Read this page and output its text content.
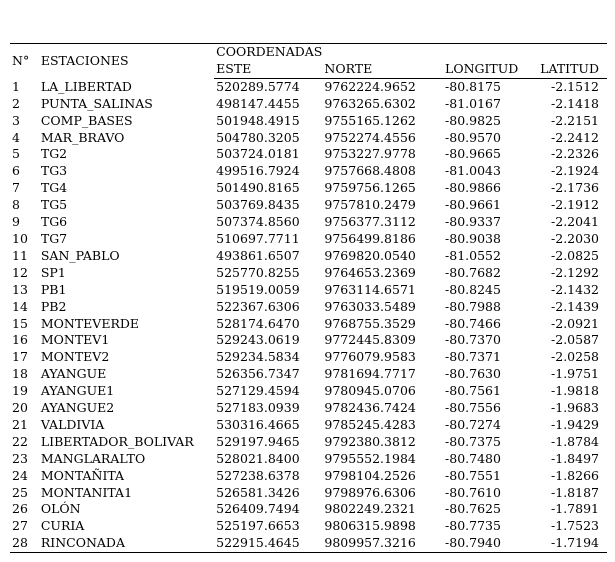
N°	ESTACIONES	COORDENADAS			
		ESTE	NORTE	LONGITUD	LATITUD
1	LA_LIBERTAD	520289.5774	9762224.9652	-80.8175	-2.1512
2	PUNTA_SALINAS	498147.4455	9763265.6302	-81.0167	-2.1418
3	COMP_BASES	501948.4915	9755165.1262	-80.9825	-2.2151
4	MAR_BRAVO	504780.3205	9752274.4556	-80.9570	-2.2412
5	TG2	503724.0181	9753227.9778	-80.9665	-2.2326
6	TG3	499516.7924	9757668.4808	-81.0043	-2.1924
7	TG4	501490.8165	9759756.1265	-80.9866	-2.1736
8	TG5	503769.8435	9757810.2479	-80.9661	-2.1912
9	TG6	507374.8560	9756377.3112	-80.9337	-2.2041
10	TG7	510697.7711	9756499.8186	-80.9038	-2.2030
11	SAN_PABLO	493861.6507	9769820.0540	-81.0552	-2.0825
12	SP1	525770.8255	9764653.2369	-80.7682	-2.1292
13	PB1	519519.0059	9763114.6571	-80.8245	-2.1432
14	PB2	522367.6306	9763033.5489	-80.7988	-2.1439
15	MONTEVERDE	528174.6470	9768755.3529	-80.7466	-2.0921
16	MONTEV1	529243.0619	9772445.8309	-80.7370	-2.0587
17	MONTEV2	529234.5834	9776079.9583	-80.7371	-2.0258
18	AYANGUE	526356.7347	9781694.7717	-80.7630	-1.9751
19	AYANGUE1	527129.4594	9780945.0706	-80.7561	-1.9818
20	AYANGUE2	527183.0939	9782436.7424	-80.7556	-1.9683
21	VALDIVIA	530316.4665	9785245.4283	-80.7274	-1.9429
22	LIBERTADOR_BOLIVAR	529197.9465	9792380.3812	-80.7375	-1.8784
23	MANGLARALTO	528021.8400	9795552.1984	-80.7480	-1.8497
24	MONTAÑITA	527238.6378	9798104.2526	-80.7551	-1.8266
25	MONTANITA1	526581.3426	9798976.6306	-80.7610	-1.8187
26	OLÓN	526409.7494	9802249.2321	-80.7625	-1.7891
27	CURIA	525197.6653	9806315.9898	-80.7735	-1.7523
28	RINCONADA	522915.4645	9809957.3216	-80.7940	-1.7194
